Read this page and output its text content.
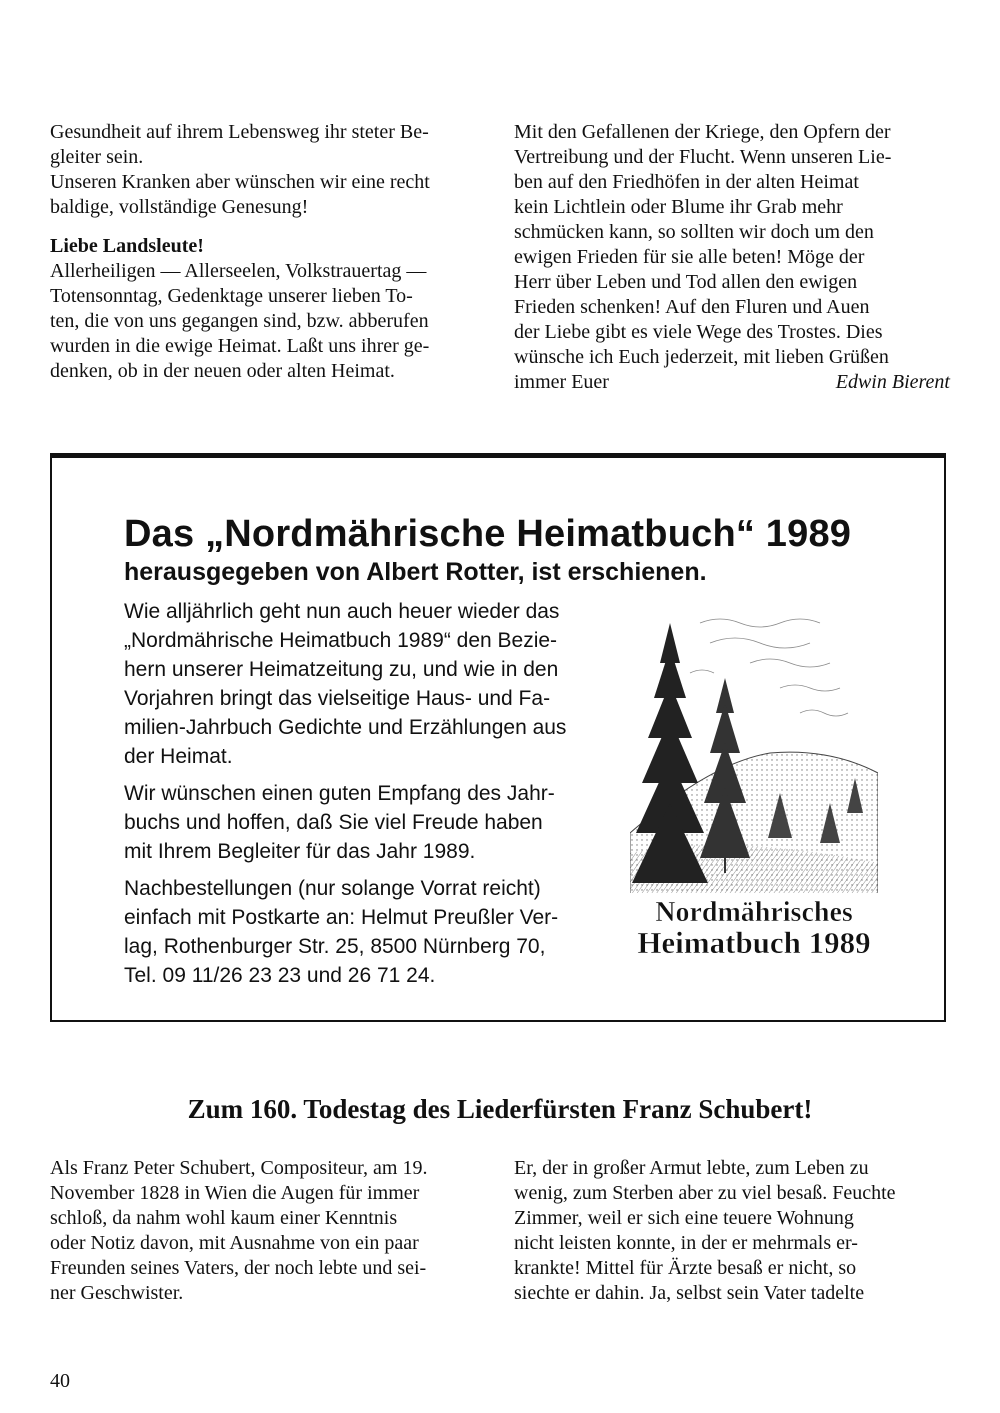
Gesundheit auf ihrem Lebensweg ihr steter Be-
gleiter sein.

Unseren Kranken aber wünschen wir eine recht
baldige, vollständige Genesung!

Liebe Landsleute!

Allerheiligen — Allerseelen, Volkstrauertag —
Totensonntag, Gedenktage unserer lieben To-
ten, die von uns gegangen sind, bzw. abberufen
wurden in die ewige Heimat. Laßt uns ihrer ge-
denken, ob in der neuen oder alten Heimat.

Mit den Gefallenen der Kriege, den Opfern der
Vertreibung und der Flucht. Wenn unseren Lie-
ben auf den Friedhöfen in der alten Heimat
kein Lichtlein oder Blume ihr Grab mehr
schmücken kann, so sollten wir doch um den
ewigen Frieden für sie alle beten! Möge der
Herr über Leben und Tod allen den ewigen
Frieden schenken! Auf den Fluren und Auen
der Liebe gibt es viele Wege des Trostes. Dies
wünsche ich Euch jederzeit, mit lieben Grüßen

immer Euer	Edwin Bierent
Das „Nordmährische Heimatbuch“ 1989
herausgegeben von Albert Rotter, ist erschienen.

Wie alljährlich geht nun auch heuer wieder das
„Nordmährische Heimatbuch 1989“ den Bezie-
hern unserer Heimatzeitung zu, und wie in den
Vorjahren bringt das vielseitige Haus- und Fa-
milien-Jahrbuch Gedichte und Erzählungen aus
der Heimat.

Wir wünschen einen guten Empfang des Jahr-
buchs und hoffen, daß Sie viel Freude haben
mit Ihrem Begleiter für das Jahr 1989.

Nachbestellungen (nur solange Vorrat reicht)
einfach mit Postkarte an: Helmut Preußler Ver-
lag, Rothenburger Str. 25, 8500 Nürnberg 70,
Tel. 09 11/26 23 23 und 26 71 24.

Nordmährisches
Heimatbuch 1989
Zum 160. Todestag des Liederfürsten Franz Schubert!

Als Franz Peter Schubert, Compositeur, am 19.
November 1828 in Wien die Augen für immer
schloß, da nahm wohl kaum einer Kenntnis
oder Notiz davon, mit Ausnahme von ein paar
Freunden seines Vaters, der noch lebte und sei-
ner Geschwister.

Er, der in großer Armut lebte, zum Leben zu
wenig, zum Sterben aber zu viel besaß. Feuchte
Zimmer, weil er sich eine teuere Wohnung
nicht leisten konnte, in der er mehrmals er-
krankte! Mittel für Ärzte besaß er nicht, so
siechte er dahin. Ja, selbst sein Vater tadelte

40
